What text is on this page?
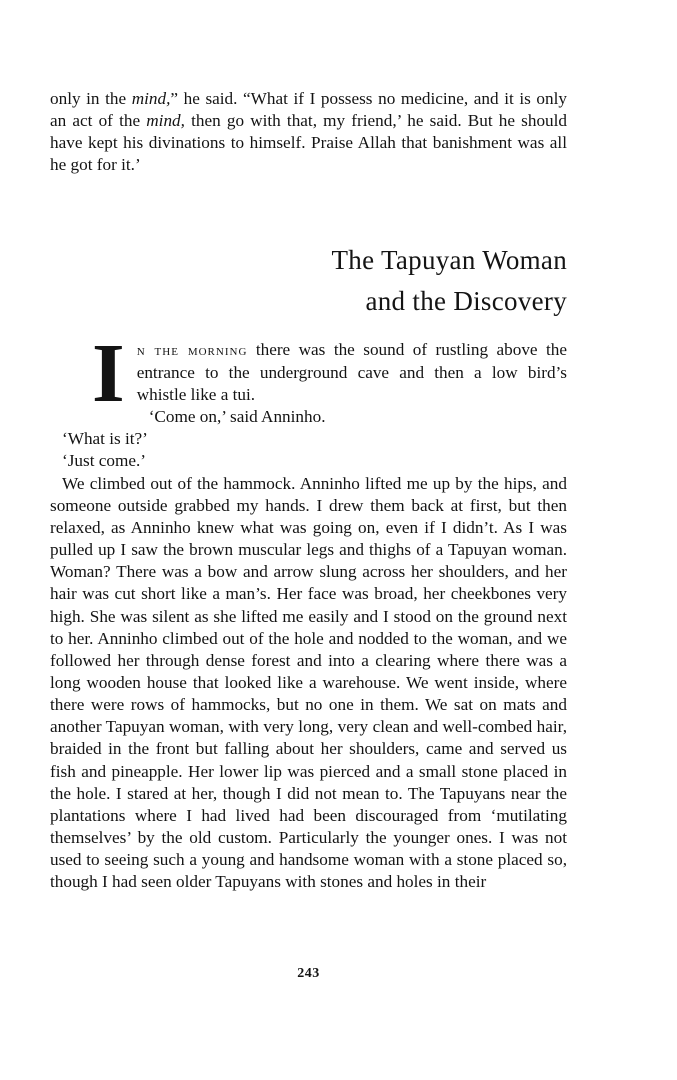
only in the mind,” he said. “What if I possess no medicine, and it is only an act of the mind, then go with that, my friend,’ he said. But he should have kept his divinations to himself. Praise Allah that banishment was all he got for it.’

The Tapuyan Woman
and the Discovery

In the morning there was the sound of rustling above the entrance to the underground cave and then a low bird’s whistle like a tui.

‘Come on,’ said Anninho.

‘What is it?’

‘Just come.’

We climbed out of the hammock. Anninho lifted me up by the hips, and someone outside grabbed my hands. I drew them back at first, but then relaxed, as Anninho knew what was going on, even if I didn’t. As I was pulled up I saw the brown muscular legs and thighs of a Tapuyan woman. Woman? There was a bow and arrow slung across her shoulders, and her hair was cut short like a man’s. Her face was broad, her cheekbones very high. She was silent as she lifted me easily and I stood on the ground next to her. Anninho climbed out of the hole and nodded to the woman, and we followed her through dense forest and into a clearing where there was a long wooden house that looked like a warehouse. We went inside, where there were rows of hammocks, but no one in them. We sat on mats and another Tapuyan woman, with very long, very clean and well-combed hair, braided in the front but falling about her shoulders, came and served us fish and pineapple. Her lower lip was pierced and a small stone placed in the hole. I stared at her, though I did not mean to. The Tapuyans near the plantations where I had lived had been discouraged from ‘mutilating themselves’ by the old custom. Particularly the younger ones. I was not used to seeing such a young and handsome woman with a stone placed so, though I had seen older Tapuyans with stones and holes in their

243
